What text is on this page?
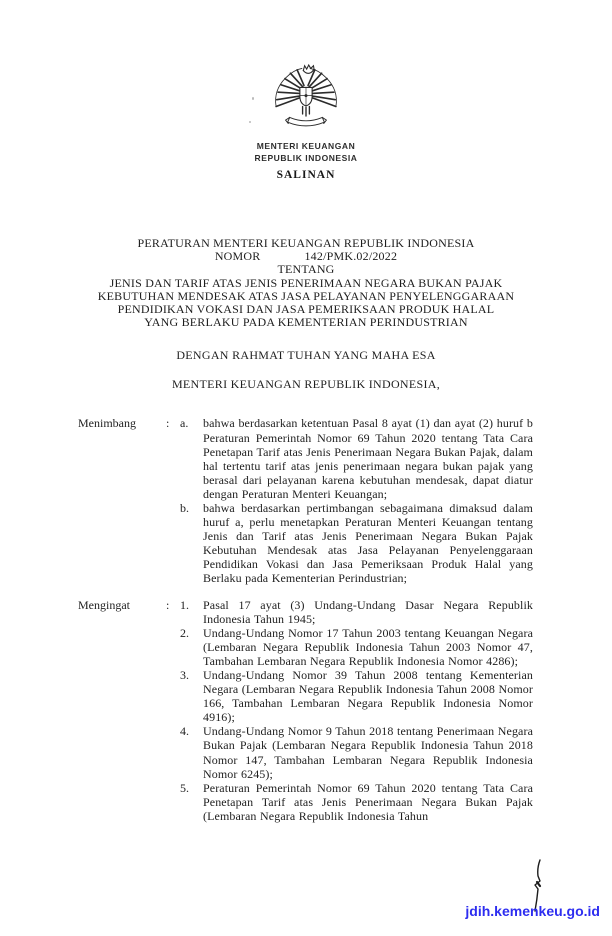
MENTERI KEUANGAN
REPUBLIK INDONESIA
SALINAN
PERATURAN MENTERI KEUANGAN REPUBLIK INDONESIA
NOMOR	142/PMK.02/2022
TENTANG
JENIS DAN TARIF ATAS JENIS PENERIMAAN NEGARA BUKAN PAJAK
KEBUTUHAN MENDESAK ATAS JASA PELAYANAN PENYELENGGARAAN
PENDIDIKAN VOKASI DAN JASA PEMERIKSAAN PRODUK HALAL
YANG BERLAKU PADA KEMENTERIAN PERINDUSTRIAN
DENGAN RAHMAT TUHAN YANG MAHA ESA
MENTERI KEUANGAN REPUBLIK INDONESIA,
Menimbang	: a.	bahwa berdasarkan ketentuan Pasal 8 ayat (1) dan ayat (2) huruf b Peraturan Pemerintah Nomor 69 Tahun 2020 tentang Tata Cara Penetapan Tarif atas Jenis Penerimaan Negara Bukan Pajak, dalam hal tertentu tarif atas jenis penerimaan negara bukan pajak yang berasal dari pelayanan karena kebutuhan mendesak, dapat diatur dengan Peraturan Menteri Keuangan;
b.	bahwa berdasarkan pertimbangan sebagaimana dimaksud dalam huruf a, perlu menetapkan Peraturan Menteri Keuangan tentang Jenis dan Tarif atas Jenis Penerimaan Negara Bukan Pajak Kebutuhan Mendesak atas Jasa Pelayanan Penyelenggaraan Pendidikan Vokasi dan Jasa Pemeriksaan Produk Halal yang Berlaku pada Kementerian Perindustrian;
Mengingat	: 1.	Pasal 17 ayat (3) Undang-Undang Dasar Negara Republik Indonesia Tahun 1945;
2.	Undang-Undang Nomor 17 Tahun 2003 tentang Keuangan Negara (Lembaran Negara Republik Indonesia Tahun 2003 Nomor 47, Tambahan Lembaran Negara Republik Indonesia Nomor 4286);
3.	Undang-Undang Nomor 39 Tahun 2008 tentang Kementerian Negara (Lembaran Negara Republik Indonesia Tahun 2008 Nomor 166, Tambahan Lembaran Negara Republik Indonesia Nomor 4916);
4.	Undang-Undang Nomor 9 Tahun 2018 tentang Penerimaan Negara Bukan Pajak (Lembaran Negara Republik Indonesia Tahun 2018 Nomor 147, Tambahan Lembaran Negara Republik Indonesia Nomor 6245);
5.	Peraturan Pemerintah Nomor 69 Tahun 2020 tentang Tata Cara Penetapan Tarif atas Jenis Penerimaan Negara Bukan Pajak (Lembaran Negara Republik Indonesia Tahun
jdih.kemenkeu.go.id
